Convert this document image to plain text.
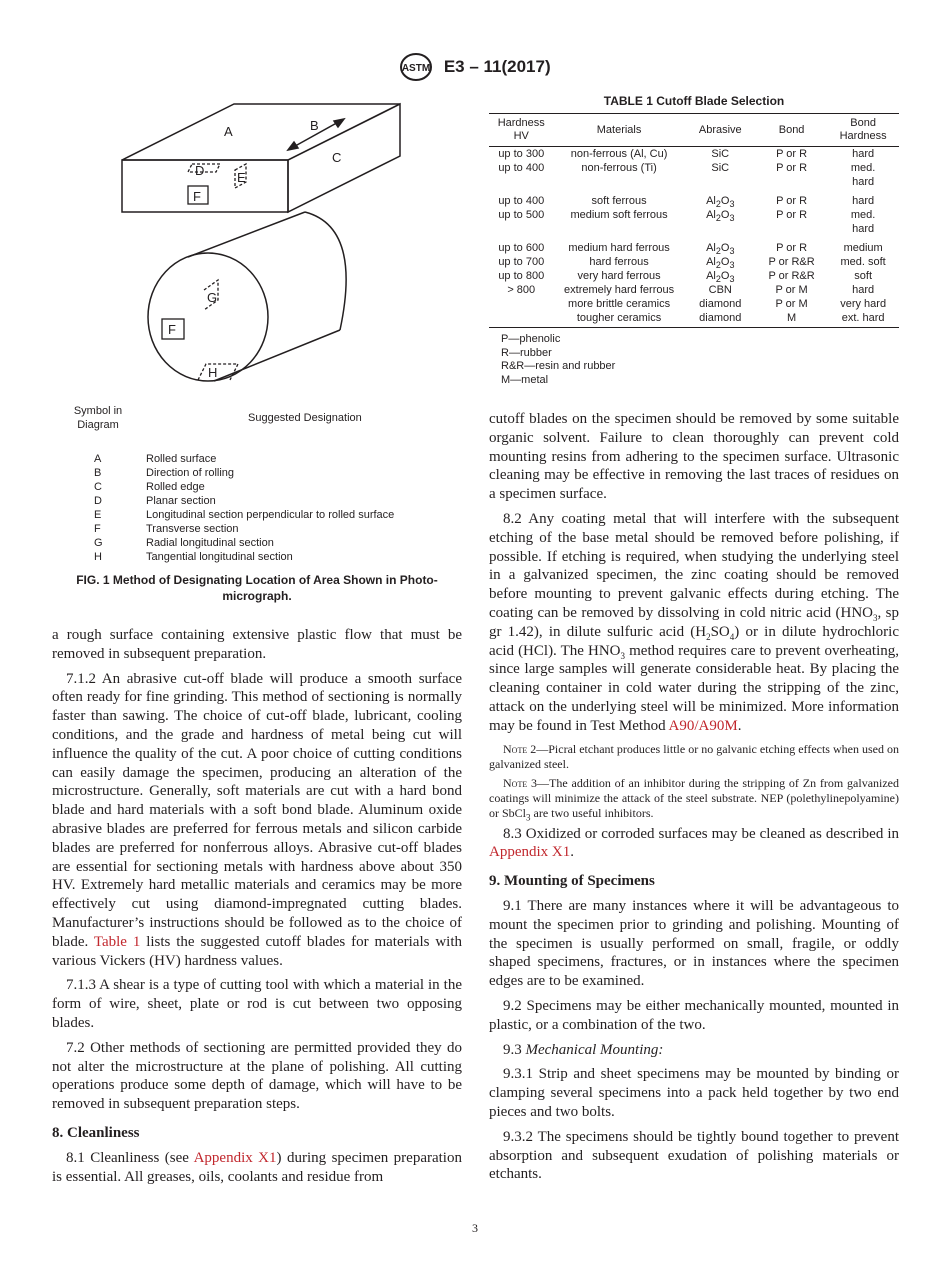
ASTM E3 – 11(2017)
A	B
C
D	E
F
G
F
H
Symbol in
Diagram
Suggested Designation
A	Rolled surface
B	Direction of rolling
C	Rolled edge
D	Planar section
E	Longitudinal section perpendicular to rolled surface
F	Transverse section
G	Radial longitudinal section
H	Tangential longitudinal section
FIG. 1 Method of Designating Location of Area Shown in Photo-
micrograph.
TABLE 1 Cutoff Blade Selection
Hardness
HV	Materials	Abrasive	Bond	Bond
Hardness
up to 300	non-ferrous (Al, Cu)	SiC	P or R	hard
up to 400	non-ferrous (Ti)	SiC	P or R	med.
hard
up to 400	soft ferrous	$Al_2O_3$	P or R	hard
up to 500	medium soft ferrous	$Al_2O_3$	P or R	med.
hard
up to 600	medium hard ferrous	$Al_2O_3$	P or R	medium
up to 700	hard ferrous	$Al_2O_3$	P or R&R	med. soft
up to 800	very hard ferrous	$Al_2O_3$	P or R&R	soft
> 800	extremely hard ferrous	CBN	P or M	hard
	more brittle ceramics	diamond	P or M	very hard
	tougher ceramics	diamond	M	ext. hard
P—phenolic
R—rubber
R&R—resin and rubber
M—metal

a rough surface containing extensive plastic flow that must be removed in subsequent preparation.

7.1.2 An abrasive cut-off blade will produce a smooth surface often ready for fine grinding. This method of sectioning is normally faster than sawing. The choice of cut-off blade, lubricant, cooling conditions, and the grade and hardness of metal being cut will influence the quality of the cut. A poor choice of cutting conditions can easily damage the specimen, producing an alteration of the microstructure. Generally, soft materials are cut with a hard bond blade and hard materials with a soft bond blade. Aluminum oxide abrasive blades are preferred for ferrous metals and silicon carbide blades are preferred for nonferrous alloys. Abrasive cut-off blades are essential for sectioning metals with hardness above about 350 HV. Extremely hard metallic materials and ceramics may be more effectively cut using diamond-impregnated cutting blades. Manufacturer’s instructions should be followed as to the choice of blade. Table 1 lists the suggested cutoff blades for materials with various Vickers (HV) hardness values.

7.1.3 A shear is a type of cutting tool with which a material in the form of wire, sheet, plate or rod is cut between two opposing blades.

7.2 Other methods of sectioning are permitted provided they do not alter the microstructure at the plane of polishing. All cutting operations produce some depth of damage, which will have to be removed in subsequent preparation steps.

8. Cleanliness

8.1 Cleanliness (see Appendix X1) during specimen preparation is essential. All greases, oils, coolants and residue from

cutoff blades on the specimen should be removed by some suitable organic solvent. Failure to clean thoroughly can prevent cold mounting resins from adhering to the specimen surface. Ultrasonic cleaning may be effective in removing the last traces of residues on a specimen surface.

8.2 Any coating metal that will interfere with the subsequent etching of the base metal should be removed before polishing, if possible. If etching is required, when studying the underlying steel in a galvanized specimen, the zinc coating should be removed before mounting to prevent galvanic effects during etching. The coating can be removed by dissolving in cold nitric acid ($HNO_3$, sp gr 1.42), in dilute sulfuric acid $(H_2SO_4)$ or in dilute hydrochloric acid (HCl). The $HNO_3$ method requires care to prevent overheating, since large samples will generate considerable heat. By placing the cleaning container in cold water during the stripping of the zinc, attack on the underlying steel will be minimized. More information may be found in Test Method A90/A90M.

Note 2—Picral etchant produces little or no galvanic etching effects when used on galvanized steel.

Note 3—The addition of an inhibitor during the stripping of Zn from galvanized coatings will minimize the attack of the steel substrate. NEP (polethylinepolyamine) or SbCl$_3$ are two useful inhibitors.

8.3 Oxidized or corroded surfaces may be cleaned as described in Appendix X1.

9. Mounting of Specimens

9.1 There are many instances where it will be advantageous to mount the specimen prior to grinding and polishing. Mounting of the specimen is usually performed on small, fragile, or oddly shaped specimens, fractures, or in instances where the specimen edges are to be examined.

9.2 Specimens may be either mechanically mounted, mounted in plastic, or a combination of the two.

9.3 Mechanical Mounting:

9.3.1 Strip and sheet specimens may be mounted by binding or clamping several specimens into a pack held together by two end pieces and two bolts.

9.3.2 The specimens should be tightly bound together to prevent absorption and subsequent exudation of polishing materials or etchants.

3
